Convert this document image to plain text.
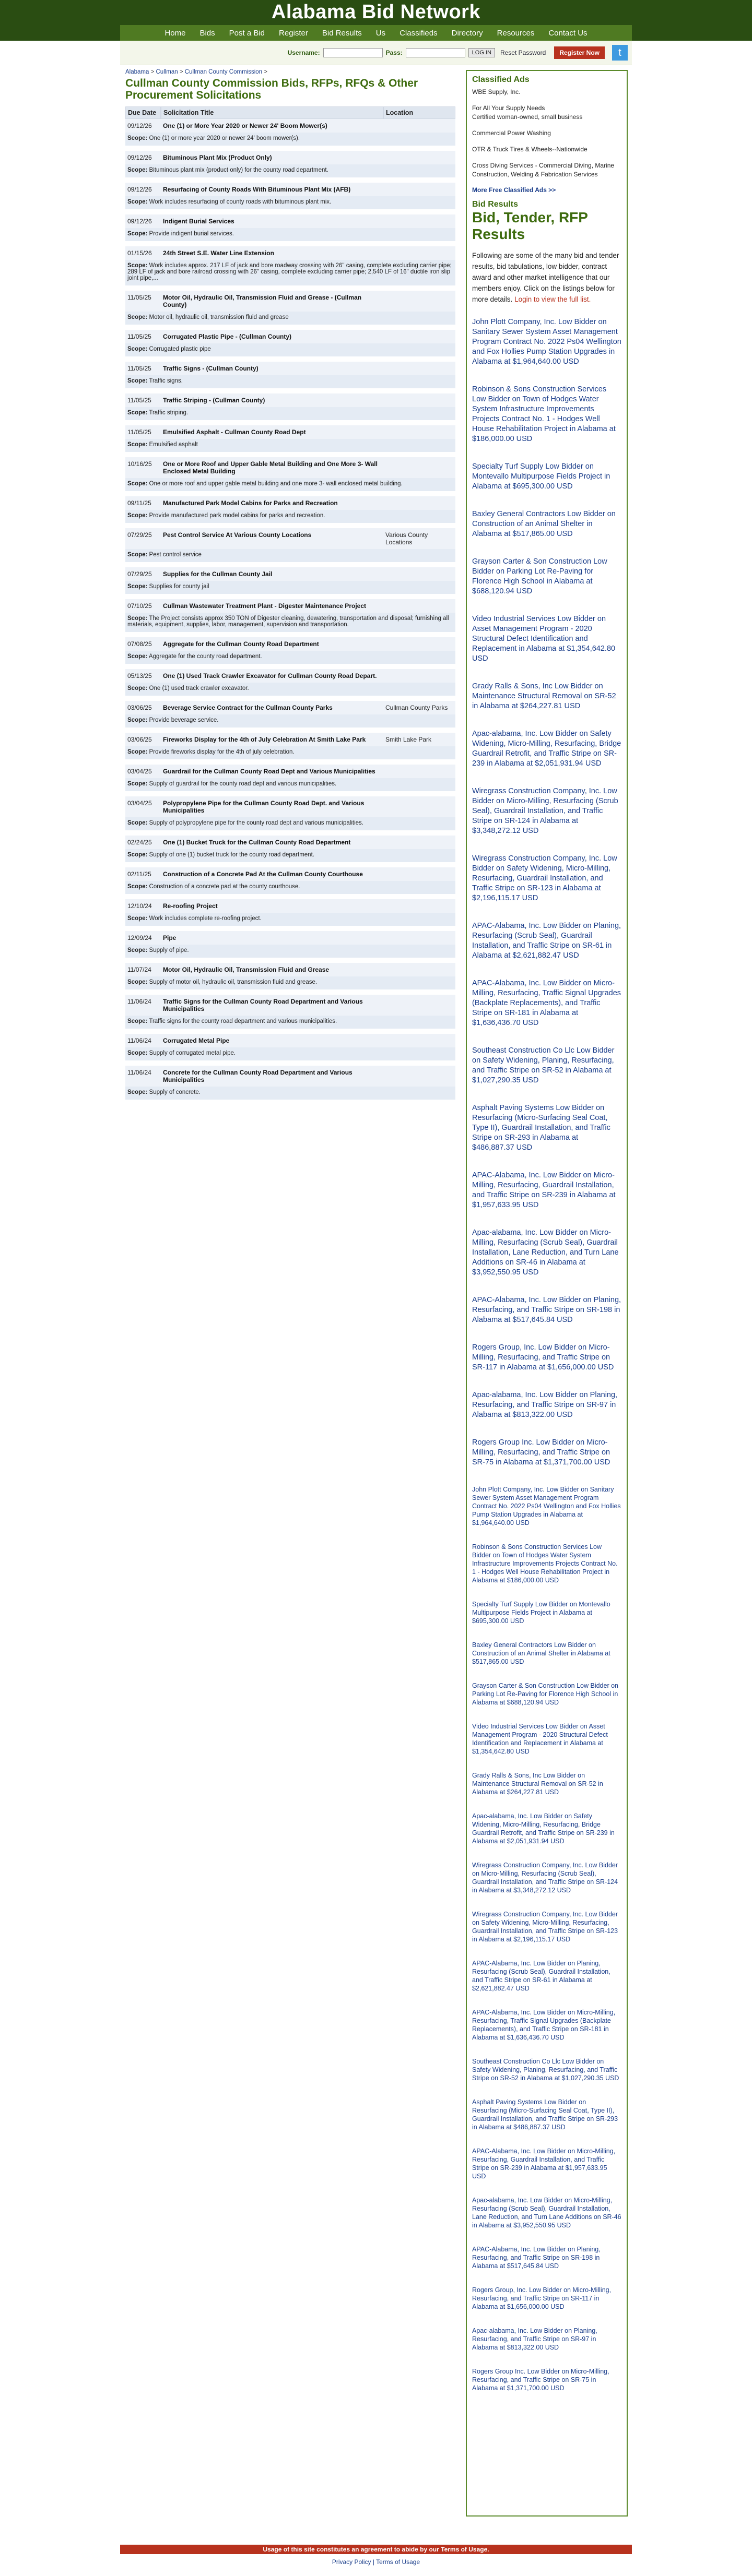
Alabama Bid Network
Home Bids Post a Bid Register Bid Results Us Classifieds Directory Resources Contact Us
Username:	Pass:	LOG IN	Reset Password	Register Now	t
Alabama > Cullman > Cullman County Commission >
Cullman County Commission Bids, RFPs, RFQs & Other Procurement Solicitations
Due Date	Solicitation Title	Location
09/12/26	One (1) or More Year 2020 or Newer 24' Boom Mower(s)	
Scope: One (1) or more year 2020 or newer 24' boom mower(s).		
09/12/26	Bituminous Plant Mix (Product Only)	
Scope: Bituminous plant mix (product only) for the county road department.		
09/12/26	Resurfacing of County Roads With Bituminous Plant Mix (AFB)	
Scope: Work includes resurfacing of county roads with bituminous plant mix.		
09/12/26	Indigent Burial Services	
Scope: Provide indigent burial services.		
01/15/26	24th Street S.E. Water Line Extension	
Scope: Work includes approx. 217 LF of jack and bore roadway crossing with 26" casing, complete excluding carrier pipe; 289 LF of jack and bore railroad crossing with 26" casing, complete excluding carrier pipe; 2,540 LF of 16" ductile iron slip joint pipe,...		
11/05/25	Motor Oil, Hydraulic Oil, Transmission Fluid and Grease - (Cullman County)	
Scope: Motor oil, hydraulic oil, transmission fluid and grease		
11/05/25	Corrugated Plastic Pipe - (Cullman County)	
Scope: Corrugated plastic pipe		
11/05/25	Traffic Signs - (Cullman County)	
Scope: Traffic signs.		
11/05/25	Traffic Striping - (Cullman County)	
Scope: Traffic striping.		
11/05/25	Emulsified Asphalt - Cullman County Road Dept	
Scope: Emulsified asphalt		
10/16/25	One or More Roof and Upper Gable Metal Building and One More 3- Wall Enclosed Metal Building	
Scope: One or more roof and upper gable metal building and one more 3- wall enclosed metal building.		
09/11/25	Manufactured Park Model Cabins for Parks and Recreation	
Scope: Provide manufactured park model cabins for parks and recreation.		
07/29/25	Pest Control Service At Various County Locations	Various County Locations
Scope: Pest control service		
07/29/25	Supplies for the Cullman County Jail	
Scope: Supplies for county jail		
07/10/25	Cullman Wastewater Treatment Plant - Digester Maintenance Project	
Scope: The Project consists approx 350 TON of Digester cleaning, dewatering, transportation and disposal; furnishing all materials, equipment, supplies, labor, management, supervision and transportation.		
07/08/25	Aggregate for the Cullman County Road Department	
Scope: Aggregate for the county road department.		
05/13/25	One (1) Used Track Crawler Excavator for Cullman County Road Depart.	
Scope: One (1) used track crawler excavator.		
03/06/25	Beverage Service Contract for the Cullman County Parks	Cullman County Parks
Scope: Provide beverage service.		
03/06/25	Fireworks Display for the 4th of July Celebration At Smith Lake Park	Smith Lake Park
Scope: Provide fireworks display for the 4th of july celebration.		
03/04/25	Guardrail for the Cullman County Road Dept and Various Municipalities	
Scope: Supply of guardrail for the county road dept and various municipalities.		
03/04/25	Polypropylene Pipe for the Cullman County Road Dept. and Various Municipalities	
Scope: Supply of polypropylene pipe for the county road dept and various municipalities.		
02/24/25	One (1) Bucket Truck for the Cullman County Road Department	
Scope: Supply of one (1) bucket truck for the county road department.		
02/11/25	Construction of a Concrete Pad At the Cullman County Courthouse	
Scope: Construction of a concrete pad at the county courthouse.		
12/10/24	Re-roofing Project	
Scope: Work includes complete re-roofing project.		
12/09/24	Pipe	
Scope: Supply of pipe.		
11/07/24	Motor Oil, Hydraulic Oil, Transmission Fluid and Grease	
Scope: Supply of motor oil, hydraulic oil, transmission fluid and grease.		
11/06/24	Traffic Signs for the Cullman County Road Department and Various Municipalities	
Scope: Traffic signs for the county road department and various municipalities.		
11/06/24	Corrugated Metal Pipe	
Scope: Supply of corrugated metal pipe.		
11/06/24	Concrete for the Cullman County Road Department and Various Municipalities	
Scope: Supply of concrete.		
Classified Ads
WBE Supply, Inc.
For All Your Supply Needs
Certified woman-owned, small business
Commercial Power Washing
OTR & Truck Tires & Wheels--Nationwide
Cross Diving Services - Commercial Diving, Marine Construction, Welding & Fabrication Services
More Free Classified Ads >>
Bid Results
Bid, Tender, RFP Results
Following are some of the many bid and tender results, bid tabulations, low bidder, contract award and other market intelligence that our members enjoy. Click on the listings below for more details. Login to view the full list.
John Plott Company, Inc. Low Bidder on Sanitary Sewer System Asset Management Program Contract No. 2022 Ps04 Wellington and Fox Hollies Pump Station Upgrades in Alabama at $1,964,640.00 USD
Robinson & Sons Construction Services Low Bidder on Town of Hodges Water System Infrastructure Improvements Projects Contract No. 1 - Hodges Well House Rehabilitation Project in Alabama at $186,000.00 USD
Specialty Turf Supply Low Bidder on Montevallo Multipurpose Fields Project in Alabama at $695,300.00 USD
Baxley General Contractors Low Bidder on Construction of an Animal Shelter in Alabama at $517,865.00 USD
Grayson Carter & Son Construction Low Bidder on Parking Lot Re-Paving for Florence High School in Alabama at $688,120.94 USD
Video Industrial Services Low Bidder on Asset Management Program - 2020 Structural Defect Identification and Replacement in Alabama at $1,354,642.80 USD
Grady Ralls & Sons, Inc Low Bidder on Maintenance Structural Removal on SR-52 in Alabama at $264,227.81 USD
Apac-alabama, Inc. Low Bidder on Safety Widening, Micro-Milling, Resurfacing, Bridge Guardrail Retrofit, and Traffic Stripe on SR-239 in Alabama at $2,051,931.94 USD
Wiregrass Construction Company, Inc. Low Bidder on Micro-Milling, Resurfacing (Scrub Seal), Guardrail Installation, and Traffic Stripe on SR-124 in Alabama at $3,348,272.12 USD
Wiregrass Construction Company, Inc. Low Bidder on Safety Widening, Micro-Milling, Resurfacing, Guardrail Installation, and Traffic Stripe on SR-123 in Alabama at $2,196,115.17 USD
APAC-Alabama, Inc. Low Bidder on Planing, Resurfacing (Scrub Seal), Guardrail Installation, and Traffic Stripe on SR-61 in Alabama at $2,621,882.47 USD
APAC-Alabama, Inc. Low Bidder on Micro-Milling, Resurfacing, Traffic Signal Upgrades (Backplate Replacements), and Traffic Stripe on SR-181 in Alabama at $1,636,436.70 USD
Southeast Construction Co Llc Low Bidder on Safety Widening, Planing, Resurfacing, and Traffic Stripe on SR-52 in Alabama at $1,027,290.35 USD
Asphalt Paving Systems Low Bidder on Resurfacing (Micro-Surfacing Seal Coat, Type II), Guardrail Installation, and Traffic Stripe on SR-293 in Alabama at $486,887.37 USD
APAC-Alabama, Inc. Low Bidder on Micro-Milling, Resurfacing, Guardrail Installation, and Traffic Stripe on SR-239 in Alabama at $1,957,633.95 USD
Apac-alabama, Inc. Low Bidder on Micro-Milling, Resurfacing (Scrub Seal), Guardrail Installation, Lane Reduction, and Turn Lane Additions on SR-46 in Alabama at $3,952,550.95 USD
APAC-Alabama, Inc. Low Bidder on Planing, Resurfacing, and Traffic Stripe on SR-198 in Alabama at $517,645.84 USD
Rogers Group, Inc. Low Bidder on Micro-Milling, Resurfacing, and Traffic Stripe on SR-117 in Alabama at $1,656,000.00 USD
Apac-alabama, Inc. Low Bidder on Planing, Resurfacing, and Traffic Stripe on SR-97 in Alabama at $813,322.00 USD
Rogers Group Inc. Low Bidder on Micro-Milling, Resurfacing, and Traffic Stripe on SR-75 in Alabama at $1,371,700.00 USD
John Plott Company, Inc. Low Bidder on Sanitary Sewer System Asset Management Program Contract No. 2022 Ps04 Wellington and Fox Hollies Pump Station Upgrades in Alabama at $1,964,640.00 USD
Robinson & Sons Construction Services Low Bidder on Town of Hodges Water System Infrastructure Improvements Projects Contract No. 1 - Hodges Well House Rehabilitation Project in Alabama at $186,000.00 USD
Specialty Turf Supply Low Bidder on Montevallo Multipurpose Fields Project in Alabama at $695,300.00 USD
Baxley General Contractors Low Bidder on Construction of an Animal Shelter in Alabama at $517,865.00 USD
Grayson Carter & Son Construction Low Bidder on Parking Lot Re-Paving for Florence High School in Alabama at $688,120.94 USD
Video Industrial Services Low Bidder on Asset Management Program - 2020 Structural Defect Identification and Replacement in Alabama at $1,354,642.80 USD
Grady Ralls & Sons, Inc Low Bidder on Maintenance Structural Removal on SR-52 in Alabama at $264,227.81 USD
Apac-alabama, Inc. Low Bidder on Safety Widening, Micro-Milling, Resurfacing, Bridge Guardrail Retrofit, and Traffic Stripe on SR-239 in Alabama at $2,051,931.94 USD
Wiregrass Construction Company, Inc. Low Bidder on Micro-Milling, Resurfacing (Scrub Seal), Guardrail Installation, and Traffic Stripe on SR-124 in Alabama at $3,348,272.12 USD
Wiregrass Construction Company, Inc. Low Bidder on Safety Widening, Micro-Milling, Resurfacing, Guardrail Installation, and Traffic Stripe on SR-123 in Alabama at $2,196,115.17 USD
APAC-Alabama, Inc. Low Bidder on Planing, Resurfacing (Scrub Seal), Guardrail Installation, and Traffic Stripe on SR-61 in Alabama at $2,621,882.47 USD
APAC-Alabama, Inc. Low Bidder on Micro-Milling, Resurfacing, Traffic Signal Upgrades (Backplate Replacements), and Traffic Stripe on SR-181 in Alabama at $1,636,436.70 USD
Southeast Construction Co Llc Low Bidder on Safety Widening, Planing, Resurfacing, and Traffic Stripe on SR-52 in Alabama at $1,027,290.35 USD
Asphalt Paving Systems Low Bidder on Resurfacing (Micro-Surfacing Seal Coat, Type II), Guardrail Installation, and Traffic Stripe on SR-293 in Alabama at $486,887.37 USD
APAC-Alabama, Inc. Low Bidder on Micro-Milling, Resurfacing, Guardrail Installation, and Traffic Stripe on SR-239 in Alabama at $1,957,633.95 USD
Apac-alabama, Inc. Low Bidder on Micro-Milling, Resurfacing (Scrub Seal), Guardrail Installation, Lane Reduction, and Turn Lane Additions on SR-46 in Alabama at $3,952,550.95 USD
APAC-Alabama, Inc. Low Bidder on Planing, Resurfacing, and Traffic Stripe on SR-198 in Alabama at $517,645.84 USD
Rogers Group, Inc. Low Bidder on Micro-Milling, Resurfacing, and Traffic Stripe on SR-117 in Alabama at $1,656,000.00 USD
Apac-alabama, Inc. Low Bidder on Planing, Resurfacing, and Traffic Stripe on SR-97 in Alabama at $813,322.00 USD
Rogers Group Inc. Low Bidder on Micro-Milling, Resurfacing, and Traffic Stripe on SR-75 in Alabama at $1,371,700.00 USD
Usage of this site constitutes an agreement to abide by our Terms of Usage.
Privacy Policy | Terms of Usage
